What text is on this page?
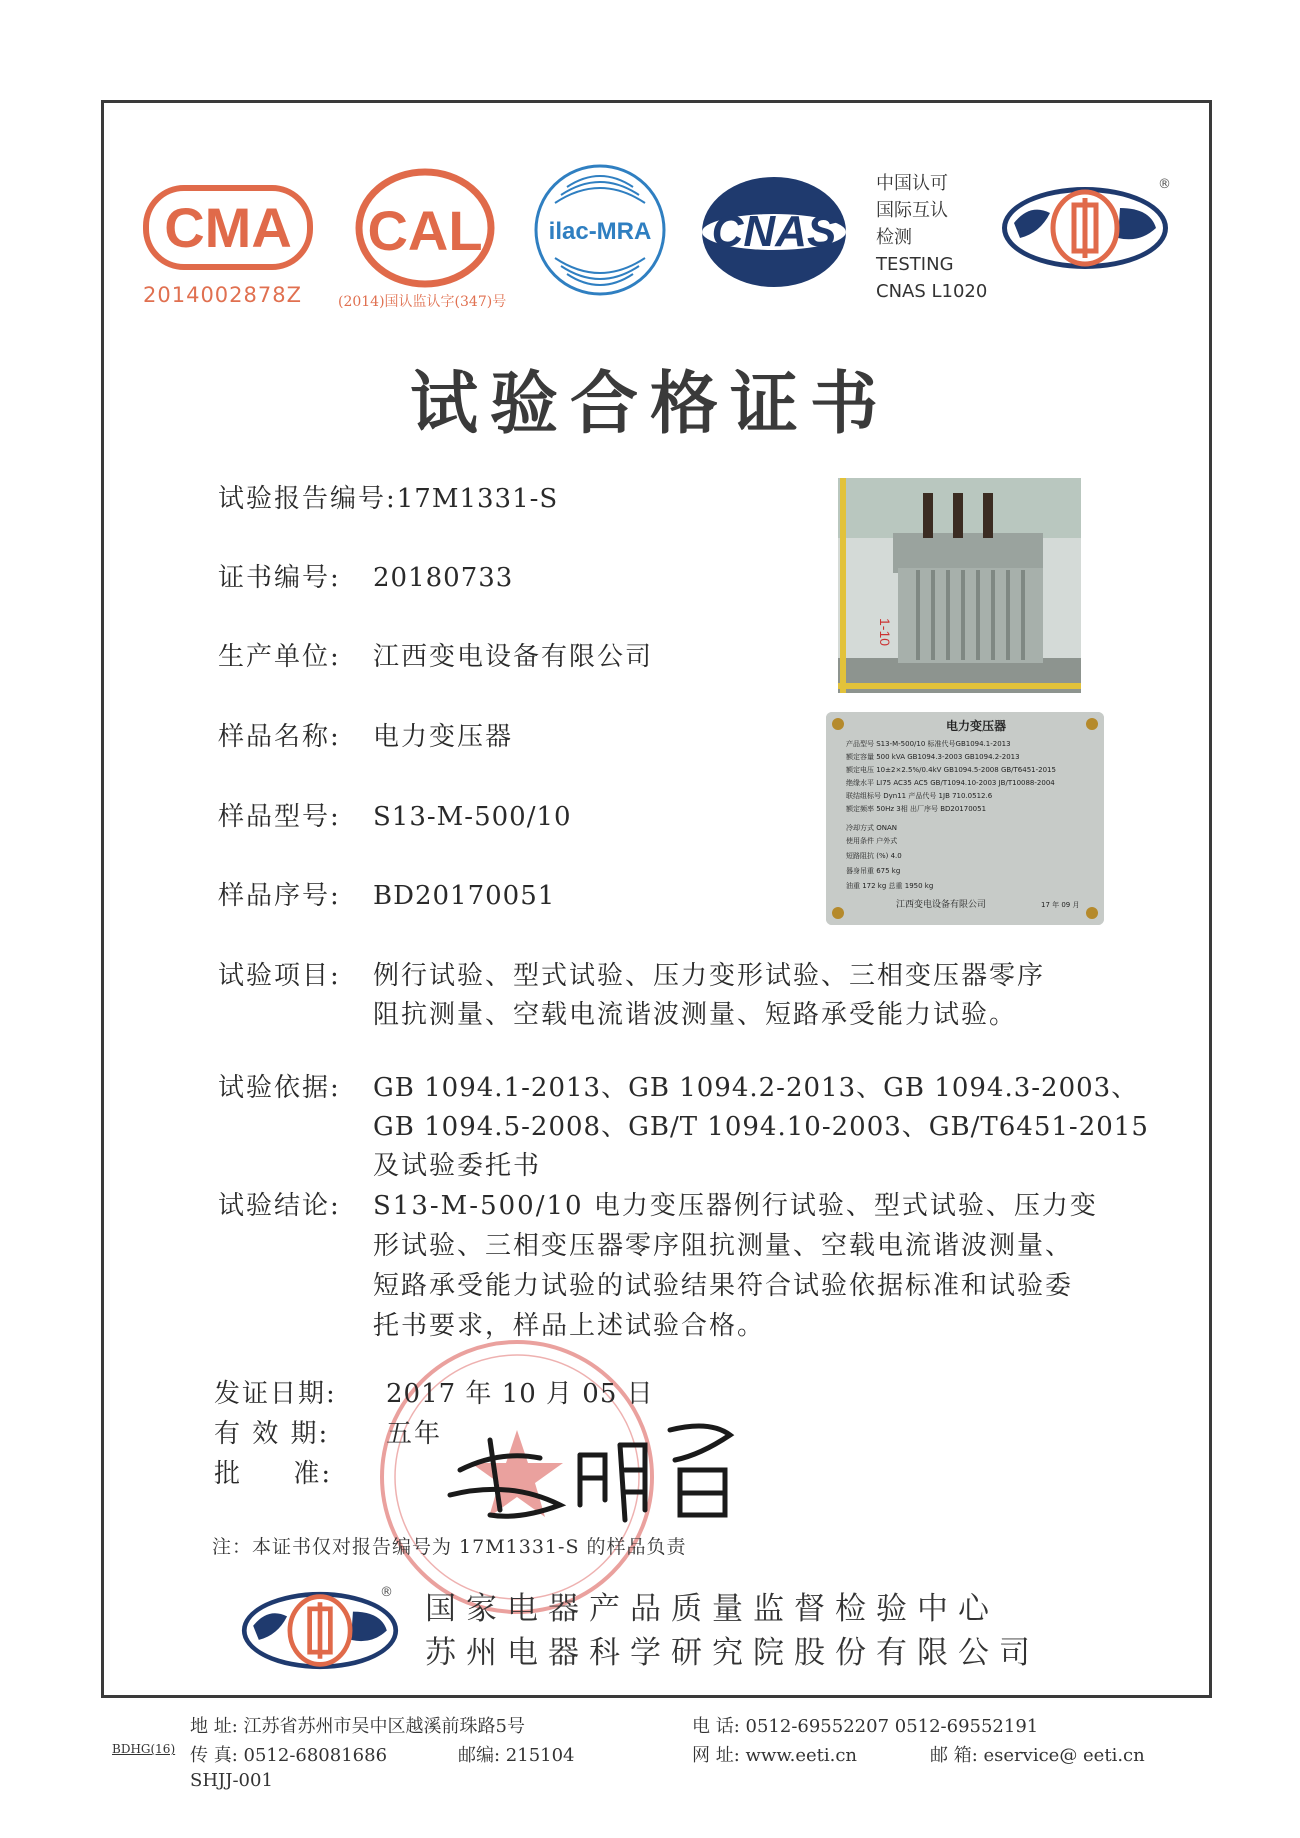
CMA
2014002878Z
CAL
(2014)国认监认字(347)号
ilac-MRA CNAS
中国认可
国际互认
检测
TESTING
CNAS L1020
®
试验合格证书
试验报告编号:17M1331-S
证书编号: 20180733
生产单位: 江西变电设备有限公司
样品名称: 电力变压器
样品型号: S13-M-500/10
样品序号: BD20170051
试验项目: 例行试验、型式试验、压力变形试验、三相变压器零序
阻抗测量、空载电流谐波测量、短路承受能力试验。
试验依据: GB 1094.1-2013、GB 1094.2-2013、GB 1094.3-2003、
GB 1094.5-2008、GB/T 1094.10-2003、GB/T6451-2015
及试验委托书
试验结论: S13-M-500/10 电力变压器例行试验、型式试验、压力变
形试验、三相变压器零序阻抗测量、空载电流谐波测量、
短路承受能力试验的试验结果符合试验依据标准和试验委
托书要求，样品上述试验合格。
发证日期: 2017 年 10 月 05 日
有 效 期: 五年
批     准:
1-10
电力变压器
产品型号 S13-M-500/10 标准代号GB1094.1-2013
额定容量 500 kVA GB1094.3-2003 GB1094.2-2013
额定电压 10±2×2.5%/0.4kV GB1094.5-2008 GB/T6451-2015
绝缘水平 LI75 AC35 AC5 GB/T1094.10-2003 JB/T10088-2004
联结组标号 Dyn11 产品代号 1JB 710.0512.6
额定频率 50Hz 3相 出厂序号 BD20170051
冷却方式 ONAN
使用条件 户外式
短路阻抗 (%) 4.0
器身吊重 675 kg
油重 172 kg 总重 1950 kg
江西变电设备有限公司	17 年 09 月
注：本证书仅对报告编号为 17M1331-S 的样品负责
® 国家电器产品质量监督检验中心
苏州电器科学研究院股份有限公司
地 址: 江苏省苏州市吴中区越溪前珠路5号
BDHG(16) 传 真: 0512-68081686	邮编: 215104
电 话: 0512-69552207 0512-69552191
网 址: www.eeti.cn	邮 箱: eservice@ eeti.cn
SHJJ-001
